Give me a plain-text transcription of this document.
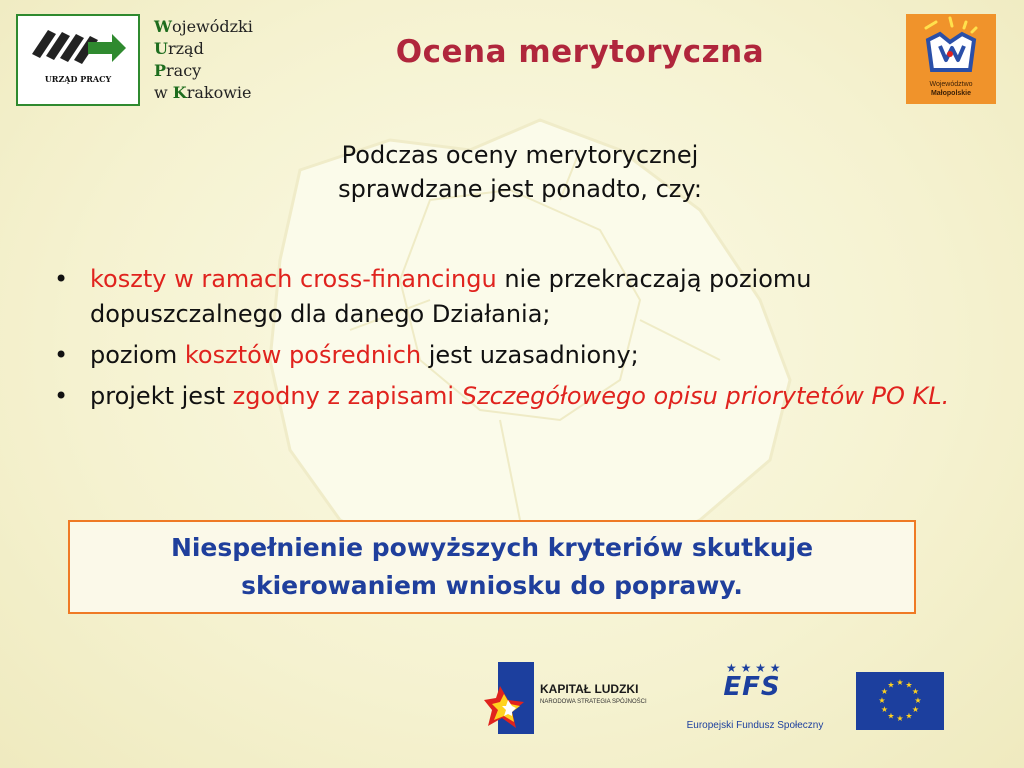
URZĄD PRACY
Wojewódzki
Urząd
Pracy
w Krakowie
Ocena merytoryczna
Województwo
Małopolskie
Podczas oceny merytorycznej
sprawdzane jest ponadto, czy:
• koszty w ramach cross-financingu nie przekraczają poziomu dopuszczalnego dla danego Działania;
• poziom kosztów pośrednich jest uzasadniony;
• projekt jest zgodny z zapisami Szczegółowego opisu priorytetów PO KL.
Niespełnienie powyższych kryteriów skutkuje
skierowaniem wniosku do poprawy.
KAPITAŁ LUDZKI
NARODOWA STRATEGIA SPÓJNOŚCI
★ ★ ★ ★
EFS
Europejski Fundusz Społeczny
★ ★
★
★
★
★
★
★
★
★
★
★
